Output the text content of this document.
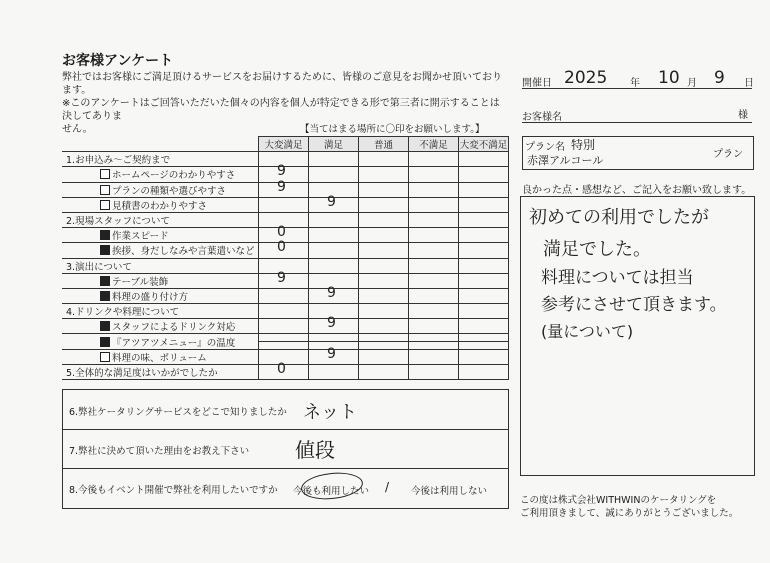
お客様アンケート
弊社ではお客様にご満足頂けるサービスをお届けするために、皆様のご意見をお聞かせ頂いております。
※このアンケートはご回答いただいた個々の内容を個人が特定できる形で第三者に開示することは決してありま
せん。	【当てはまる場所に〇印をお願いします。】
	大変満足	満足	普通	不満足	大変不満足
1.お申込み～ご契約まで					
ホームページのわかりやすさ	9				

プランの種類や選びやすさ	9				

見積書のわかりやすさ		9			

2.現場スタッフについて					
作業スピード	0				

挨拶、身だしなみや言葉遣いなど	0				

3.演出について					
テーブル装飾	9				

料理の盛り付け方		9			

4.ドリンクや料理について					
スタッフによるドリンク対応		9			

『アツアツメニュー』の温度	

料理の味、ボリューム		9			

5.全体的な満足度はいかがでしたか	0				

6.弊社ケータリングサービスをどこで知りましたか ネット
7.弊社に決めて頂いた理由をお教え下さい 値段
8.今後もイベント開催で弊社を利用したいですか 今後も利用したい / 今後は利用しない
開催日 2025 年 10 月 9 日
お客様名	様
プラン名 特別
赤澤アルコール	プラン
良かった点・感想など、ご記入をお願い致します。
初めての利用でしたが
満足でした。
料理については担当
参考にさせて頂きます。
(量について)
この度は株式会社WITHWINのケータリングを
ご利用頂きまして、誠にありがとうございました。
